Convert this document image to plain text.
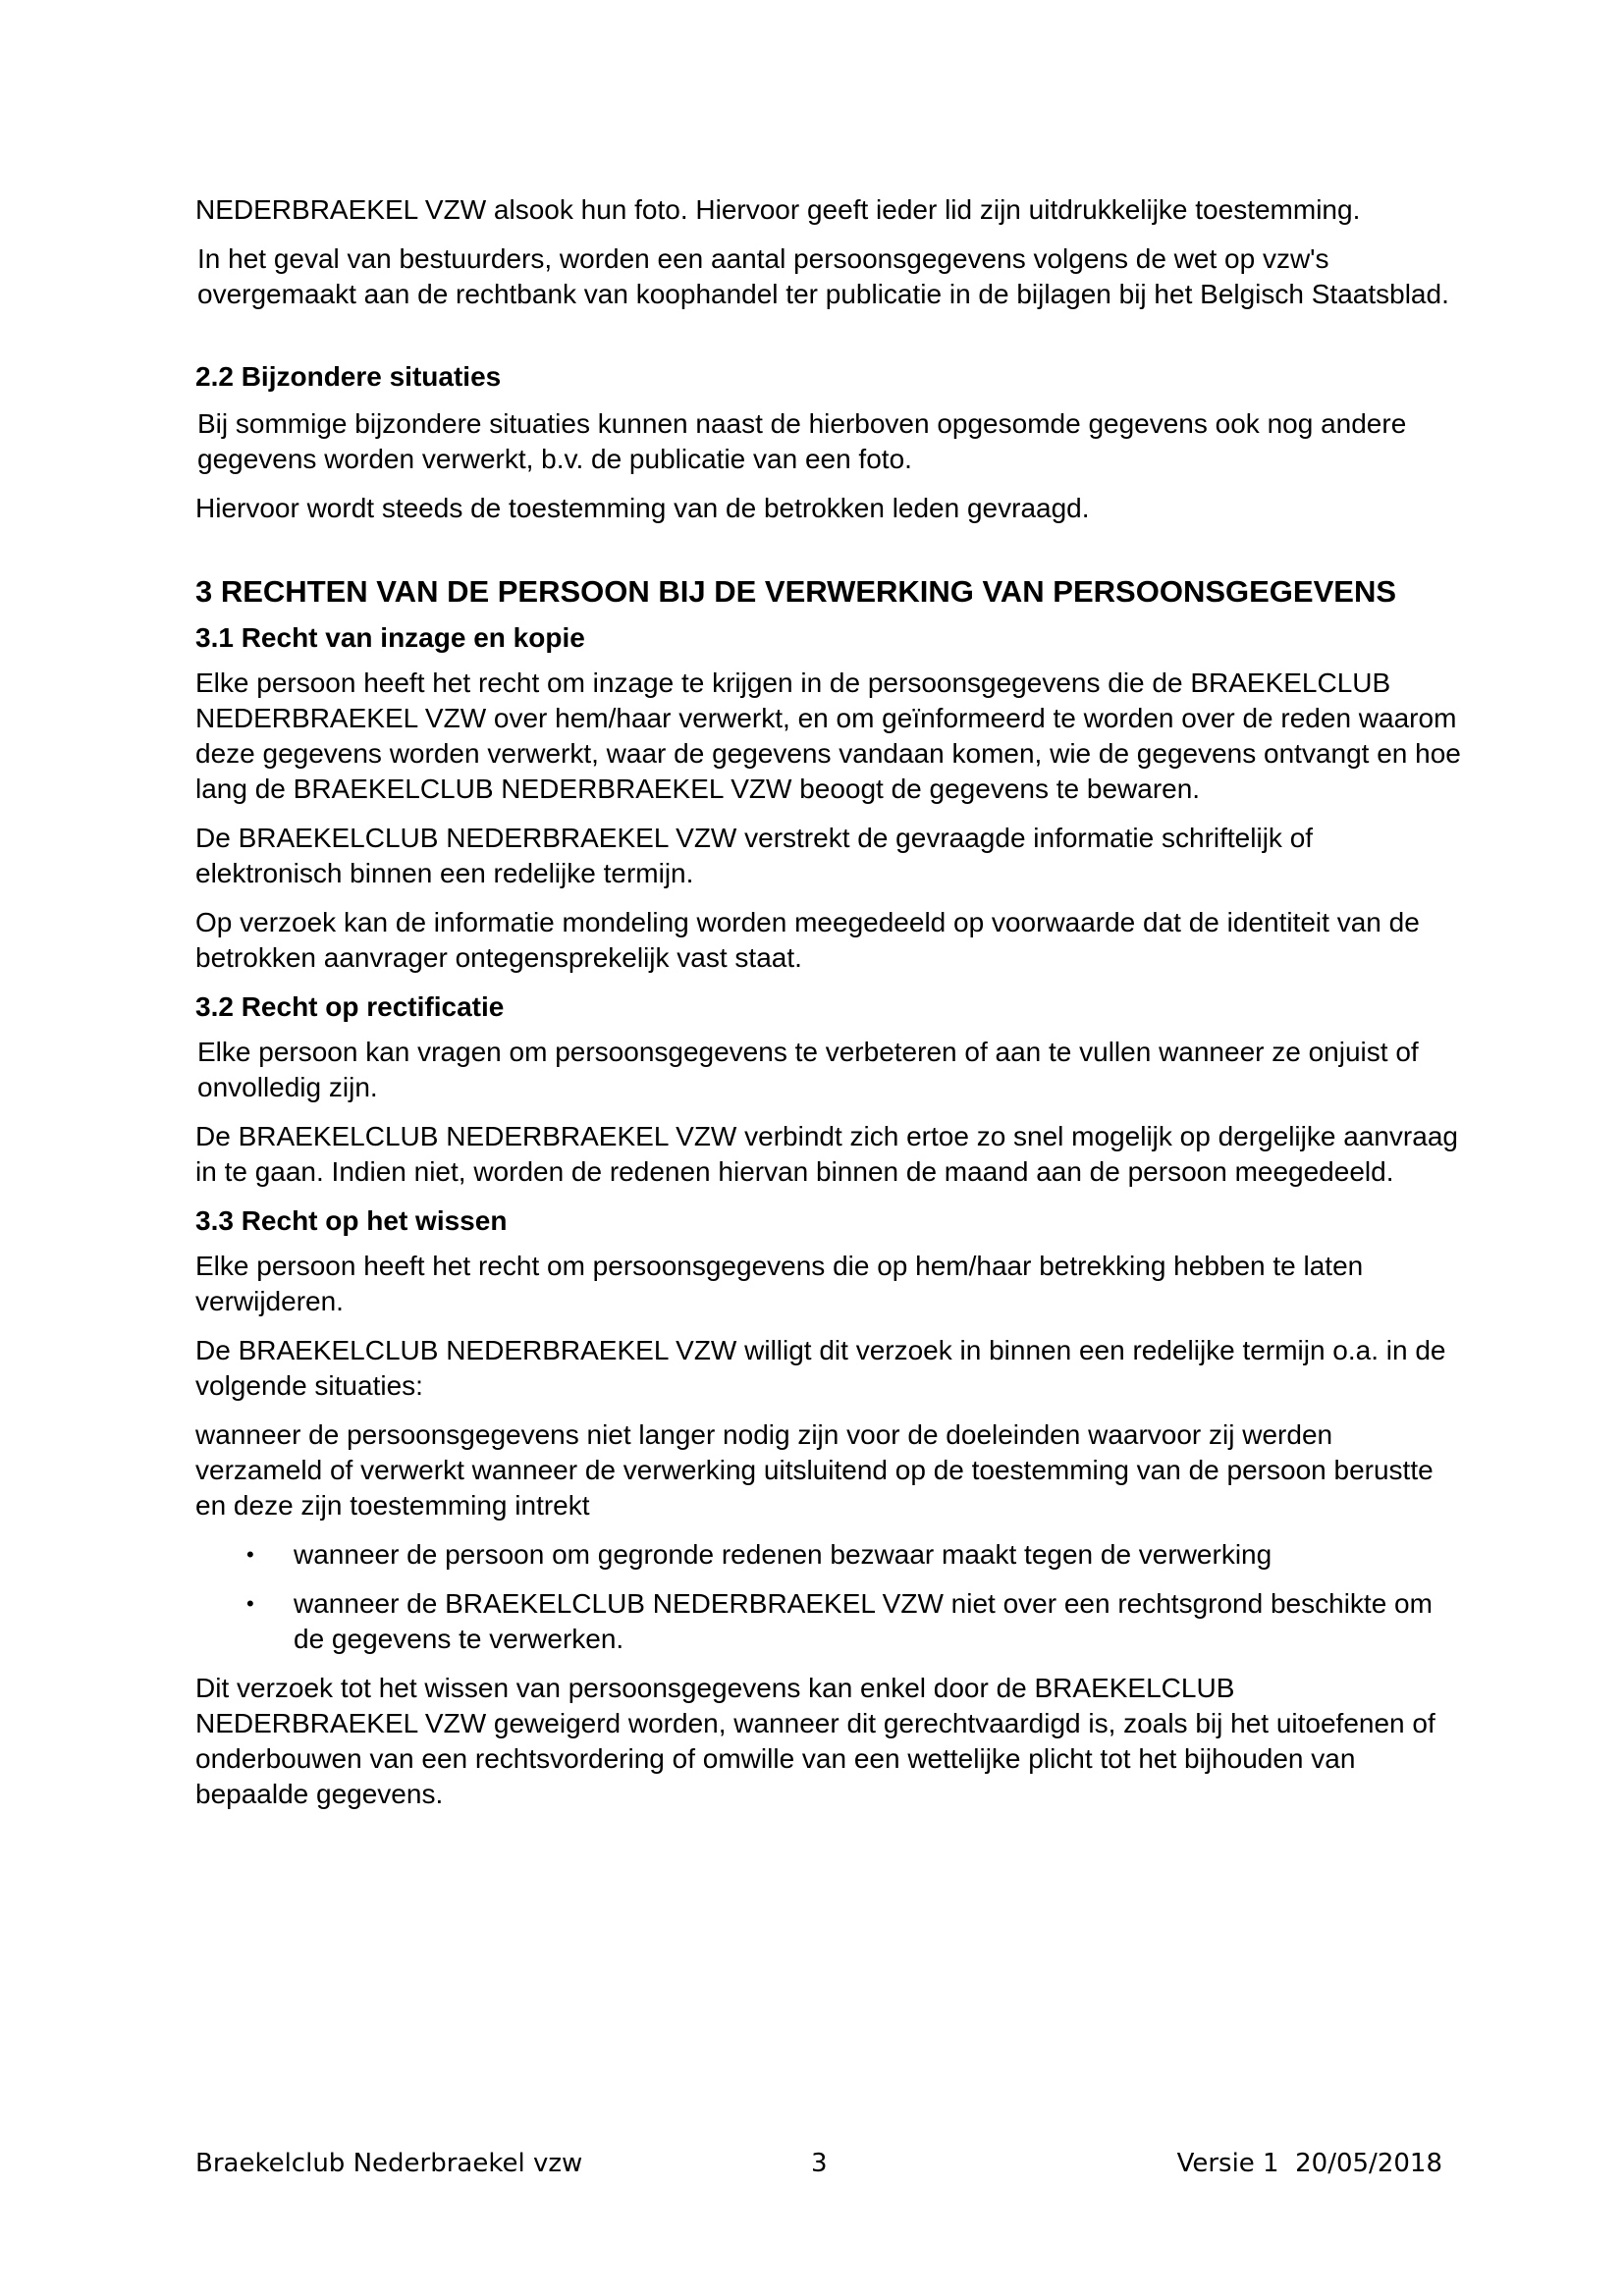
NEDERBRAEKEL VZW alsook hun foto. Hiervoor geeft ieder lid zijn uitdrukkelijke toestemming.

In het geval van bestuurders, worden een aantal persoonsgegevens volgens de wet op vzw's overgemaakt aan de rechtbank van koophandel ter publicatie in de bijlagen bij het Belgisch Staatsblad.

2.2 Bijzondere situaties

Bij sommige bijzondere situaties kunnen naast de hierboven opgesomde gegevens ook nog andere gegevens worden verwerkt, b.v. de publicatie van een foto.

Hiervoor wordt steeds de toestemming van de betrokken leden gevraagd.

3 RECHTEN VAN DE PERSOON BIJ DE VERWERKING VAN PERSOONSGEGEVENS
3.1 Recht van inzage en kopie

Elke persoon heeft het recht om inzage te krijgen in de persoonsgegevens die de BRAEKELCLUB NEDERBRAEKEL VZW over hem/haar verwerkt, en om geïnformeerd te worden over de reden waarom deze gegevens worden verwerkt, waar de gegevens vandaan komen, wie de gegevens ontvangt en hoe lang de BRAEKELCLUB NEDERBRAEKEL VZW beoogt de gegevens te bewaren.

De BRAEKELCLUB NEDERBRAEKEL VZW verstrekt de gevraagde informatie schriftelijk of elektronisch binnen een redelijke termijn.

Op verzoek kan de informatie mondeling worden meegedeeld op voorwaarde dat de identiteit van de betrokken aanvrager ontegensprekelijk vast staat.

3.2 Recht op rectificatie

Elke persoon kan vragen om persoonsgegevens te verbeteren of aan te vullen wanneer ze onjuist of onvolledig zijn.

De BRAEKELCLUB NEDERBRAEKEL VZW verbindt zich ertoe zo snel mogelijk op dergelijke aanvraag in te gaan. Indien niet, worden de redenen hiervan binnen de maand aan de persoon meegedeeld.

3.3 Recht op het wissen

Elke persoon heeft het recht om persoonsgegevens die op hem/haar betrekking hebben te laten verwijderen.

De BRAEKELCLUB NEDERBRAEKEL VZW willigt dit verzoek in binnen een redelijke termijn o.a. in de volgende situaties:

wanneer de persoonsgegevens niet langer nodig zijn voor de doeleinden waarvoor zij werden verzameld of verwerkt wanneer de verwerking uitsluitend op de toestemming van de persoon berustte en deze zijn toestemming intrekt

• wanneer de persoon om gegronde redenen bezwaar maakt tegen de verwerking
• wanneer de BRAEKELCLUB NEDERBRAEKEL VZW niet over een rechtsgrond beschikte om de gegevens te verwerken.

Dit verzoek tot het wissen van persoonsgegevens kan enkel door de BRAEKELCLUB NEDERBRAEKEL VZW geweigerd worden, wanneer dit gerechtvaardigd is, zoals bij het uitoefenen of onderbouwen van een rechtsvordering of omwille van een wettelijke plicht tot het bijhouden van bepaalde gegevens.

Braekelclub Nederbraekel vzw	3	Versie 1  20/05/2018
